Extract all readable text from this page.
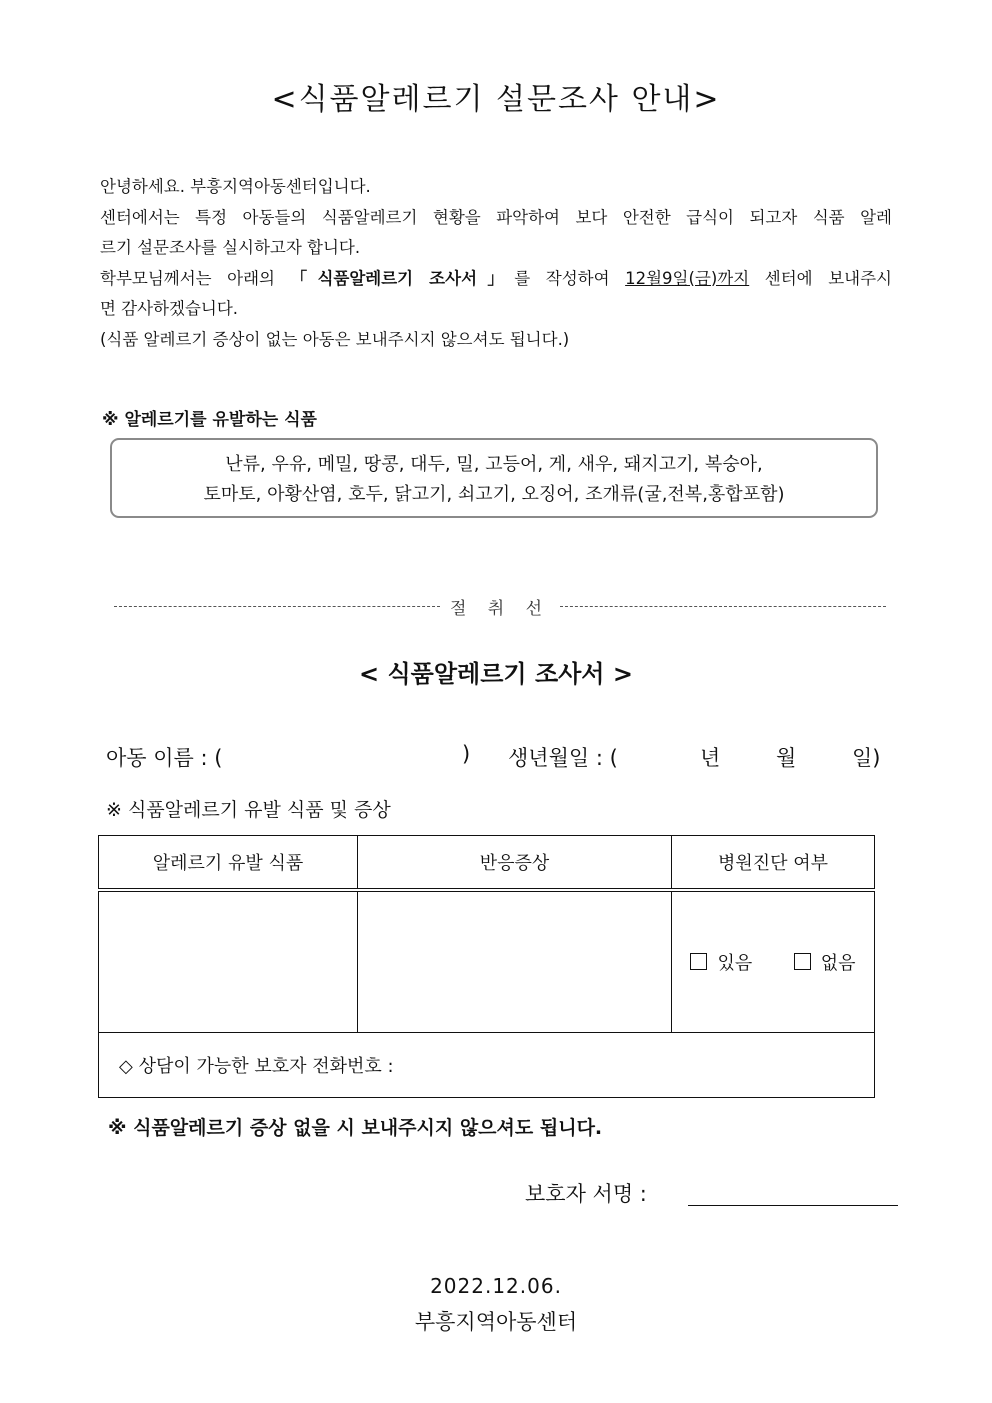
<식품알레르기 설문조사 안내>

안녕하세요. 부흥지역아동센터입니다.

센터에서는 특정 아동들의 식품알레르기 현황을 파악하여 보다 안전한 급식이 되고자 식품 알레

르기 설문조사를 실시하고자 합니다.

학부모님께서는 아래의 「식품알레르기 조사서」를 작성하여 12월9일(금)까지 센터에 보내주시

면 감사하겠습니다.

(식품 알레르기 증상이 없는 아동은 보내주시지 않으셔도 됩니다.)

※ 알레르기를 유발하는 식품
난류, 우유, 메밀, 땅콩, 대두, 밀, 고등어, 게, 새우, 돼지고기, 복숭아,
토마토, 아황산염, 호두, 닭고기, 쇠고기, 오징어, 조개류(굴,전복,홍합포함)
절 취 선
< 식품알레르기 조사서 >
아동 이름 : (	) 생년월일 : (	년	월	일)
※ 식품알레르기 유발 식품 및 증상
알레르기 유발 식품	반응증상	병원진단 여부
		있음 없음
◇ 상담이 가능한 보호자 전화번호 :		
※ 식품알레르기 증상 없을 시 보내주시지 않으셔도 됩니다.
보호자 서명 :
2022.12.06.
부흥지역아동센터
